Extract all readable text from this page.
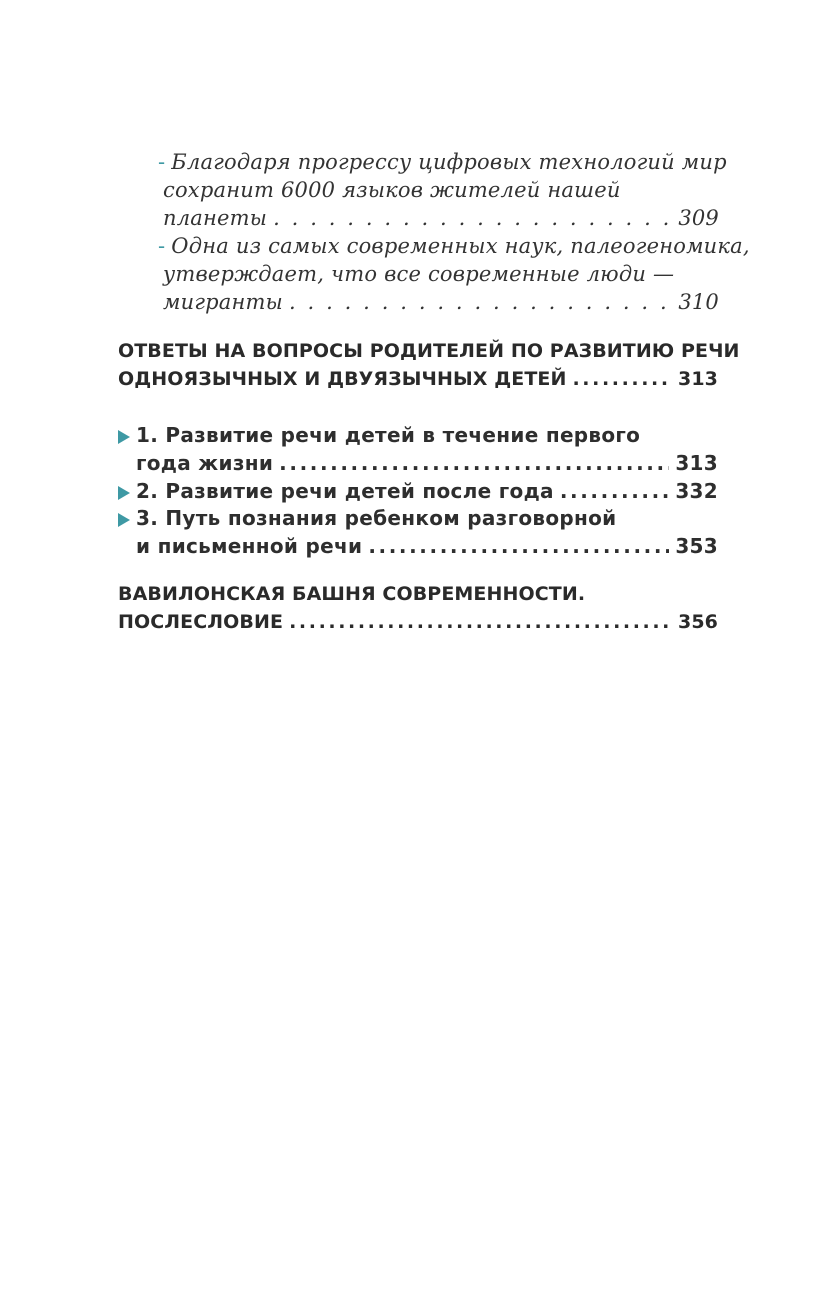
- Благодаря прогрессу цифровых технологий мир
сохранит 6000 языков жителей нашей
планеты . . .	309
- Одна из самых современных наук, палеогеномика,
утверждает, что все современные люди —
мигранты . . .	310
ОТВЕТЫ НА ВОПРОСЫ РОДИТЕЛЕЙ ПО РАЗВИТИЮ РЕЧИ
ОДНОЯЗЫЧНЫХ И ДВУЯЗЫЧНЫХ ДЕТЕЙ .....	313
1. Развитие речи детей в течение первого
года жизни .....	313
2. Развитие речи детей после года .....	332
3. Путь познания ребенком разговорной
и письменной речи .....	353
ВАВИЛОНСКАЯ БАШНЯ СОВРЕМЕННОСТИ.
ПОСЛЕСЛОВИЕ .....	356
